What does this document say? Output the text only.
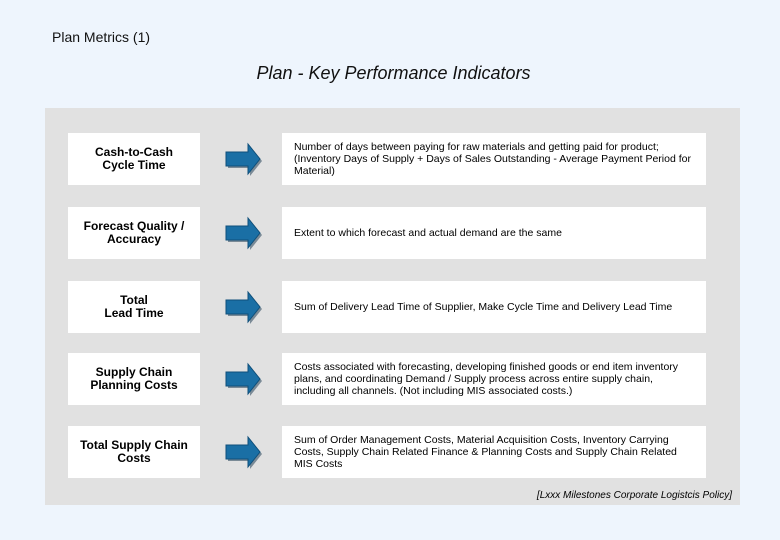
Plan Metrics (1)
Plan - Key Performance Indicators
Cash-to-Cash
Cycle Time
Number of days between paying for raw materials and getting paid for product; (Inventory Days of Supply + Days of Sales Outstanding - Average Payment Period for Material)
Forecast Quality /
Accuracy	Extent to which forecast and actual demand are the same
Total
Lead Time	Sum of Delivery Lead Time of Supplier, Make Cycle Time and Delivery Lead Time
Supply Chain
Planning Costs
Costs associated with forecasting, developing finished goods or end item inventory plans, and coordinating Demand / Supply process across entire supply chain, including all channels. (Not including MIS associated costs.)
Total Supply Chain
Costs
Sum of Order Management Costs, Material Acquisition Costs, Inventory Carrying Costs, Supply Chain Related Finance & Planning Costs and Supply Chain Related MIS Costs
[Lxxx Milestones Corporate Logistcis Policy]
